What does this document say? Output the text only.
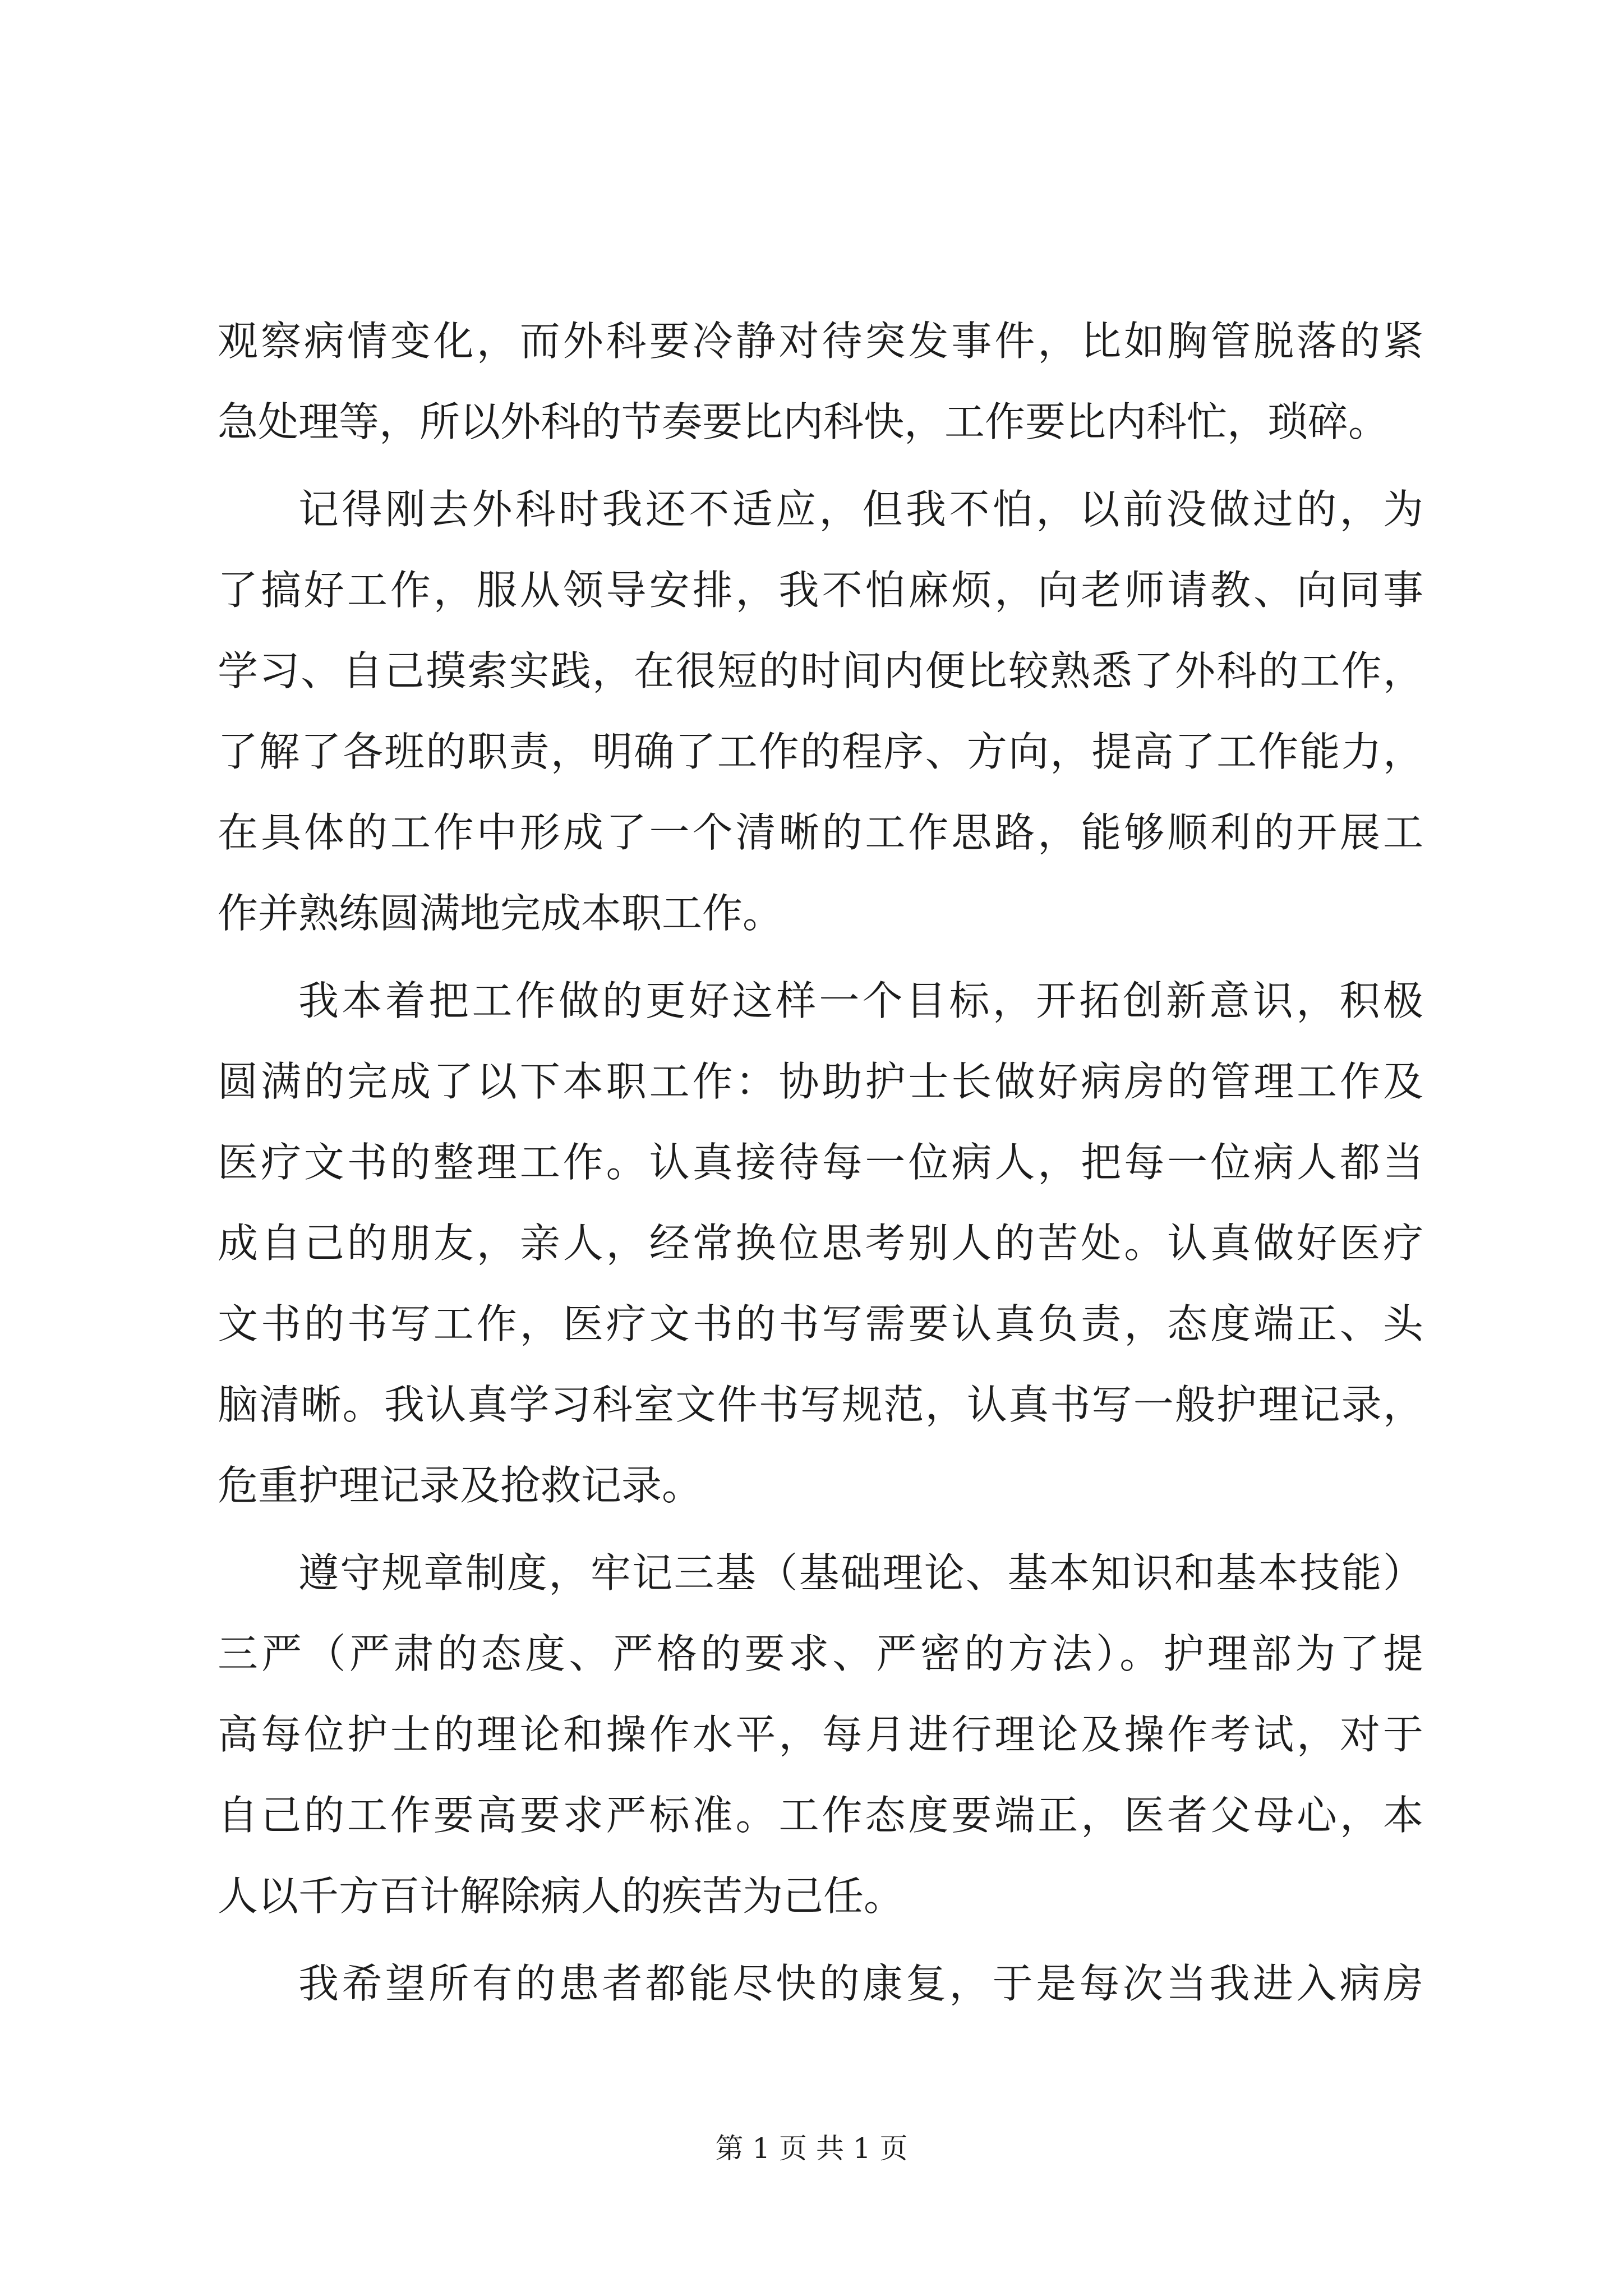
观察病情变化，而外科要冷静对待突发事件，比如胸管脱落的紧
急处理等，所以外科的节奏要比内科快，工作要比内科忙，琐碎。
记得刚去外科时我还不适应，但我不怕，以前没做过的，为
了搞好工作，服从领导安排，我不怕麻烦，向老师请教、向同事
学习、自己摸索实践，在很短的时间内便比较熟悉了外科的工作，
了解了各班的职责，明确了工作的程序、方向，提高了工作能力，
在具体的工作中形成了一个清晰的工作思路，能够顺利的开展工
作并熟练圆满地完成本职工作。
我本着把工作做的更好这样一个目标，开拓创新意识，积极
圆满的完成了以下本职工作：协助护士长做好病房的管理工作及
医疗文书的整理工作。认真接待每一位病人，把每一位病人都当
成自己的朋友，亲人，经常换位思考别人的苦处。认真做好医疗
文书的书写工作，医疗文书的书写需要认真负责，态度端正、头
脑清晰。我认真学习科室文件书写规范，认真书写一般护理记录，
危重护理记录及抢救记录。
遵守规章制度，牢记三基（基础理论、基本知识和基本技能）
三严（严肃的态度、严格的要求、严密的方法）。护理部为了提
高每位护士的理论和操作水平，每月进行理论及操作考试，对于
自己的工作要高要求严标准。工作态度要端正，医者父母心，本
人以千方百计解除病人的疾苦为己任。
我希望所有的患者都能尽快的康复，于是每次当我进入病房
第 1 页 共 1 页
